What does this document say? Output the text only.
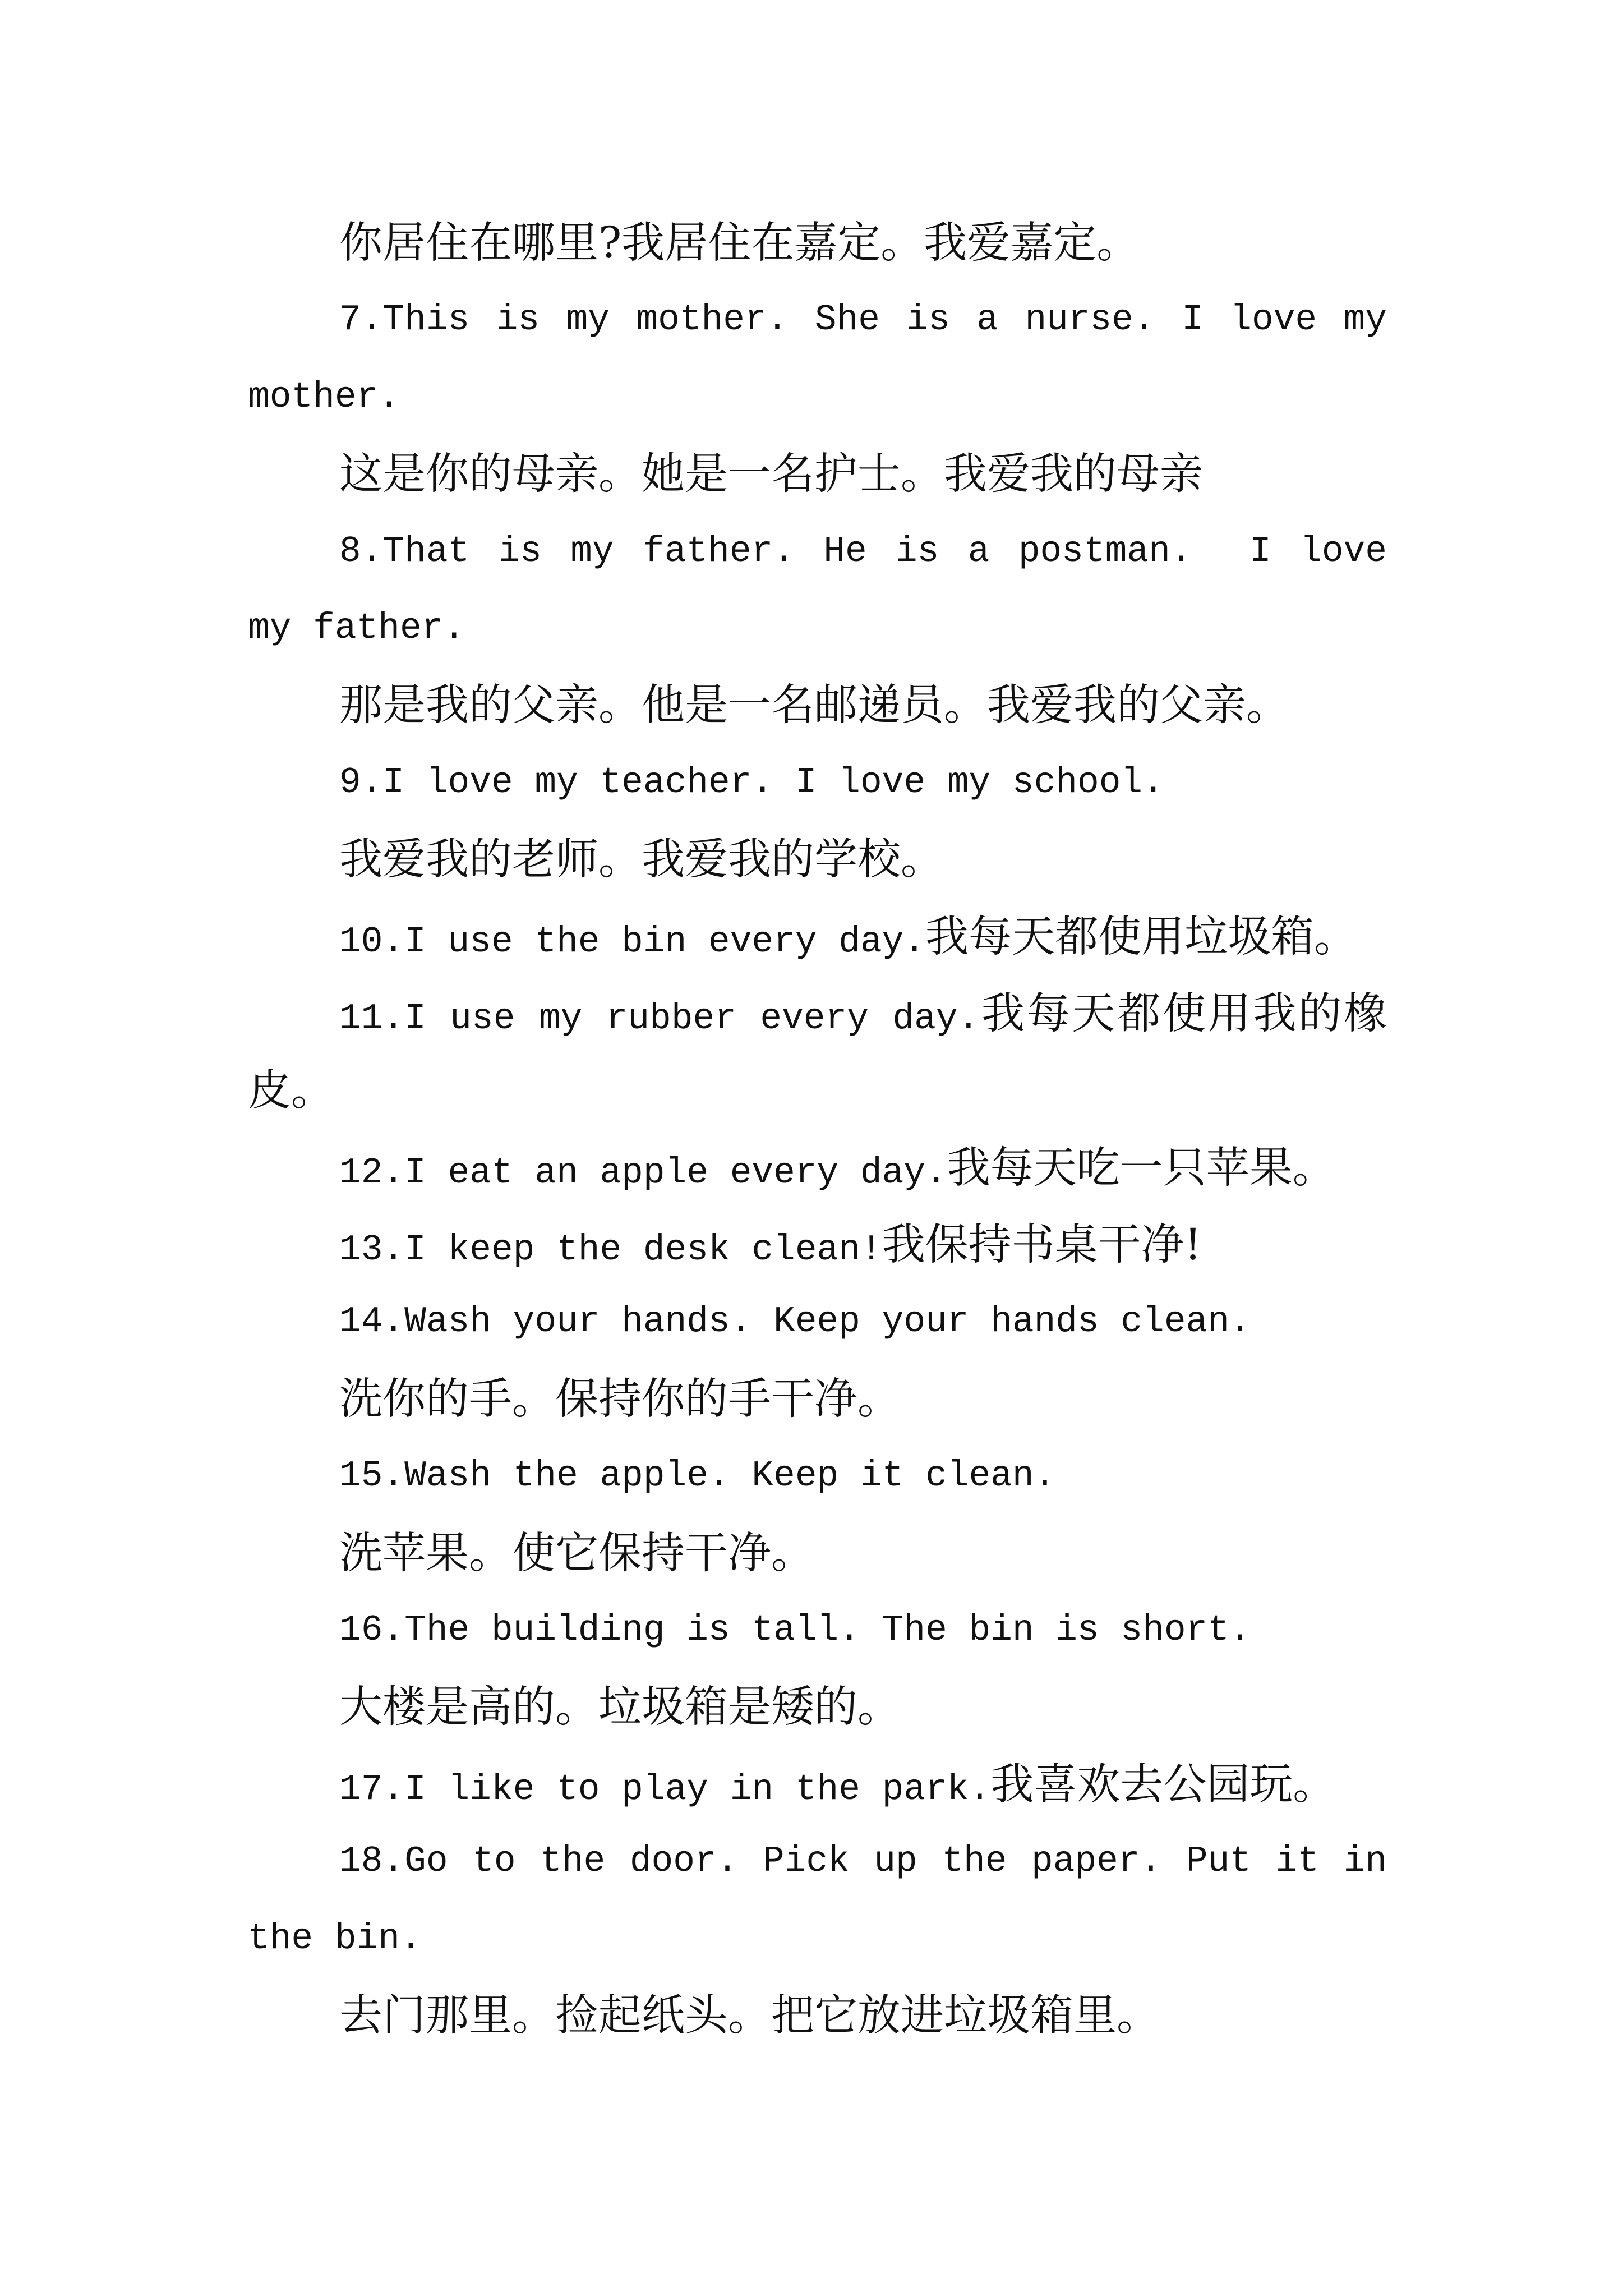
你居住在哪里?我居住在嘉定。我爱嘉定。
7.This is my mother. She is a nurse. I love my
mother.
这是你的母亲。她是一名护士。我爱我的母亲
8.That is my father. He is a postman.  I love
my father.
那是我的父亲。他是一名邮递员。我爱我的父亲。
9.I love my teacher. I love my school.
我爱我的老师。我爱我的学校。
10.I use the bin every day.我每天都使用垃圾箱。
11.I use my rubber every day.我每天都使用我的橡
皮。
12.I eat an apple every day.我每天吃一只苹果。
13.I keep the desk clean!我保持书桌干净!
14.Wash your hands. Keep your hands clean.
洗你的手。保持你的手干净。
15.Wash the apple. Keep it clean.
洗苹果。使它保持干净。
16.The building is tall. The bin is short.
大楼是高的。垃圾箱是矮的。
17.I like to play in the park.我喜欢去公园玩。
18.Go to the door. Pick up the paper. Put it in
the bin.
去门那里。捡起纸头。把它放进垃圾箱里。
